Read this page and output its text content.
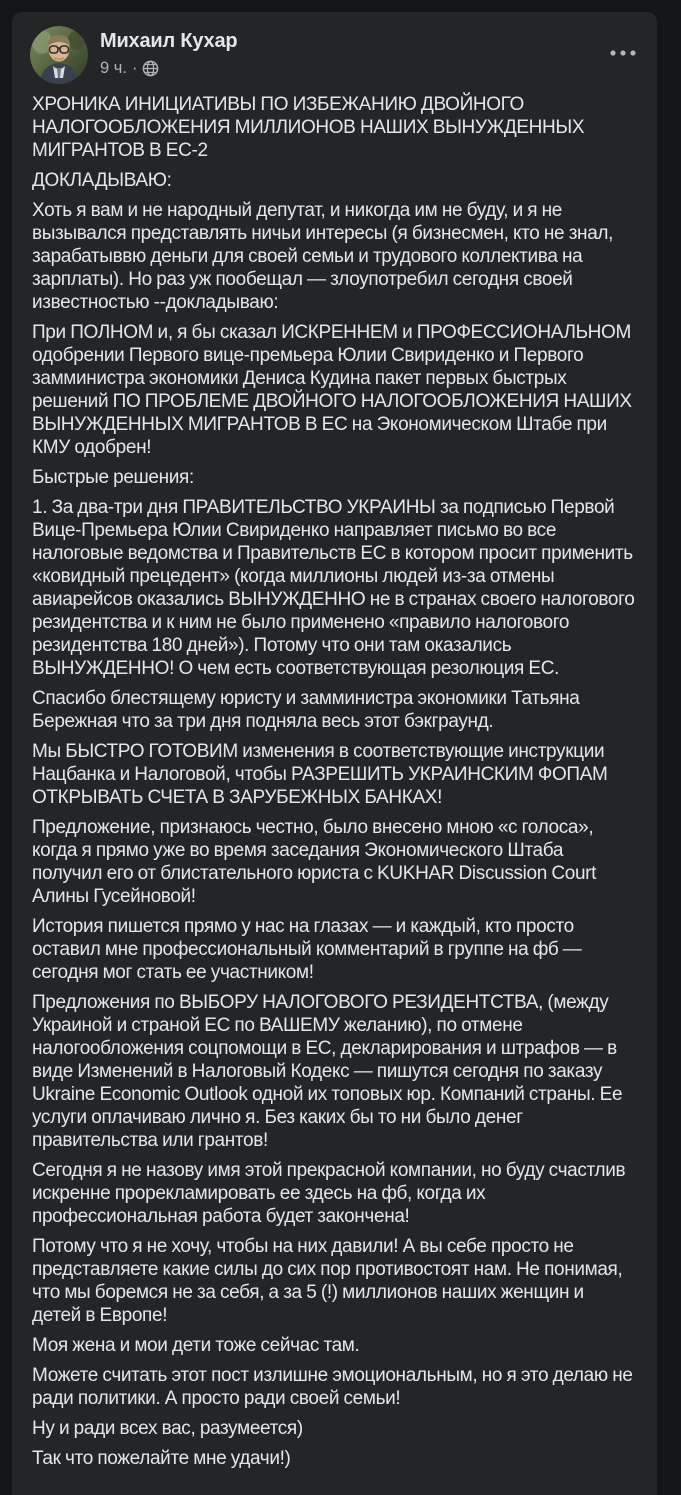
Михаил Кухар
9 ч. ·

ХРОНИКА ИНИЦИАТИВЫ ПО ИЗБЕЖАНИЮ ДВОЙНОГО НАЛОГООБЛОЖЕНИЯ МИЛЛИОНОВ НАШИХ ВЫНУЖДЕННЫХ МИГРАНТОВ В ЕС-2

ДОКЛАДЫВАЮ:

Хоть я вам и не народный депутат, и никогда им не буду, и я не вызывался представлять ничьи интересы (я бизнесмен, кто не знал, зарабатыввю деньги для своей семьи и трудового коллектива на зарплаты). Но раз уж пообещал — злоупотребил сегодня своей известностью --докладываю:

При ПОЛНОМ и, я бы сказал ИСКРЕННЕМ и ПРОФЕССИОНАЛЬНОМ одобрении Первого вице-премьера Юлии Свириденко и Первого замминистра экономики Дениса Кудина пакет первых быстрых решений ПО ПРОБЛЕМЕ ДВОЙНОГО НАЛОГООБЛОЖЕНИЯ НАШИХ ВЫНУЖДЕННЫХ МИГРАНТОВ В ЕС на Экономическом Штабе при КМУ одобрен!

Быстрые решения:

1. За два-три дня ПРАВИТЕЛЬСТВО УКРАИНЫ за подписью Первой Вице-Премьера Юлии Свириденко направляет письмо во все налоговые ведомства и Правительств ЕС в котором просит применить «ковидный прецедент» (когда миллионы людей из-за отмены авиарейсов оказались ВЫНУЖДЕННО не в странах своего налогового резидентства и к ним не было применено «правило налогового резидентства 180 дней»). Потому что они там оказались ВЫНУЖДЕННО! О чем есть соответствующая резолюция ЕС.

Спасибо блестящему юристу и замминистра экономики Татьяна Бережная что за три дня подняла весь этот бэкграунд.

Мы БЫСТРО ГОТОВИМ изменения в соответствующие инструкции Нацбанка и Налоговой, чтобы РАЗРЕШИТЬ УКРАИНСКИМ ФОПАМ ОТКРЫВАТЬ СЧЕТА В ЗАРУБЕЖНЫХ БАНКАХ!

Предложение, признаюсь честно, было внесено мною «с голоса», когда я прямо уже во время заседания Экономического Штаба получил его от блистательного юриста с KUKHAR Discussion Court Алины Гусейновой!

История пишется прямо у нас на глазах — и каждый, кто просто оставил мне профессиональный комментарий в группе на фб — сегодня мог стать ее участником!

Предложения по ВЫБОРУ НАЛОГОВОГО РЕЗИДЕНТСТВА, (между Украиной и страной ЕС по ВАШЕМУ желанию), по отмене налогообложения соцпомощи в ЕС, декларирования и штрафов — в виде Изменений в Налоговый Кодекс — пишутся сегодня по заказу Ukraine Economic Outlook одной их топовых юр. Компаний страны. Ее услуги оплачиваю лично я. Без каких бы то ни было денег правительства или грантов!

Сегодня я не назову имя этой прекрасной компании, но буду счастлив искренне прорекламировать ее здесь на фб, когда их профессиональная работа будет закончена!

Потому что я не хочу, чтобы на них давили! А вы себе просто не представляете какие силы до сих пор противостоят нам. Не понимая, что мы боремся не за себя, а за 5 (!) миллионов наших женщин и детей в Европе!

Моя жена и мои дети тоже сейчас там.

Можете считать этот пост излишне эмоциональным, но я это делаю не ради политики. А просто ради своей семьи!

Ну и ради всех вас, разумеется)

Так что пожелайте мне удачи!)
